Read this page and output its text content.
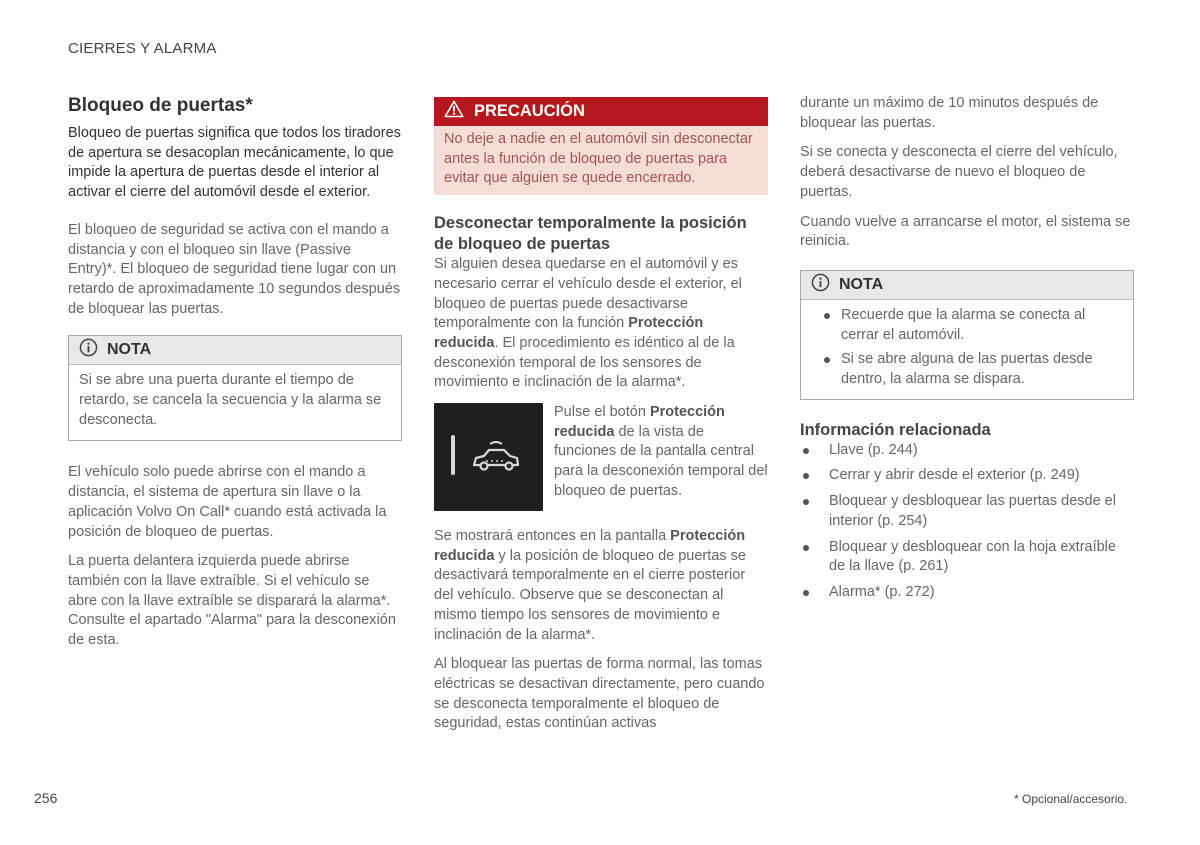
CIERRES Y ALARMA
Bloqueo de puertas*

Bloqueo de puertas significa que todos los tiradores de apertura se desacoplan mecánicamente, lo que impide la apertura de puertas desde el interior al activar el cierre del automóvil desde el exterior.

El bloqueo de seguridad se activa con el mando a distancia y con el bloqueo sin llave (Passive Entry)*. El bloqueo de seguridad tiene lugar con un retardo de aproximadamente 10 segundos después de bloquear las puertas.

NOTA

Si se abre una puerta durante el tiempo de retardo, se cancela la secuencia y la alarma se desconecta.

El vehículo solo puede abrirse con el mando a distancia, el sistema de apertura sin llave o la aplicación Volvo On Call* cuando está activada la posición de bloqueo de puertas.

La puerta delantera izquierda puede abrirse también con la llave extraíble. Si el vehículo se abre con la llave extraíble se disparará la alarma*. Consulte el apartado "Alarma" para la desconexión de esta.

PRECAUCIÓN

No deje a nadie en el automóvil sin desconectar antes la función de bloqueo de puertas para evitar que alguien se quede encerrado.

Desconectar temporalmente la posición de bloqueo de puertas

Si alguien desea quedarse en el automóvil y es necesario cerrar el vehículo desde el exterior, el bloqueo de puertas puede desactivarse temporalmente con la función Protección reducida. El procedimiento es idéntico al de la desconexión temporal de los sensores de movimiento e inclinación de la alarma*.

Pulse el botón Protección reducida de la vista de funciones de la pantalla central para la desconexión temporal del bloqueo de puertas.

Se mostrará entonces en la pantalla Protección reducida y la posición de bloqueo de puertas se desactivará temporalmente en el cierre posterior del vehículo. Observe que se desconectan al mismo tiempo los sensores de movimiento e inclinación de la alarma*.

Al bloquear las puertas de forma normal, las tomas eléctricas se desactivan directamente, pero cuando se desconecta temporalmente el bloqueo de seguridad, estas continúan activas

durante un máximo de 10 minutos después de bloquear las puertas.

Si se conecta y desconecta el cierre del vehículo, deberá desactivarse de nuevo el bloqueo de puertas.

Cuando vuelve a arrancarse el motor, el sistema se reinicia.

NOTA
Recuerde que la alarma se conecta al cerrar el automóvil.
Si se abre alguna de las puertas desde dentro, la alarma se dispara.
Información relacionada
Llave (p. 244)
Cerrar y abrir desde el exterior (p. 249)
Bloquear y desbloquear las puertas desde el interior (p. 254)
Bloquear y desbloquear con la hoja extraíble de la llave (p. 261)
Alarma* (p. 272)
256	* Opcional/accesorio.
